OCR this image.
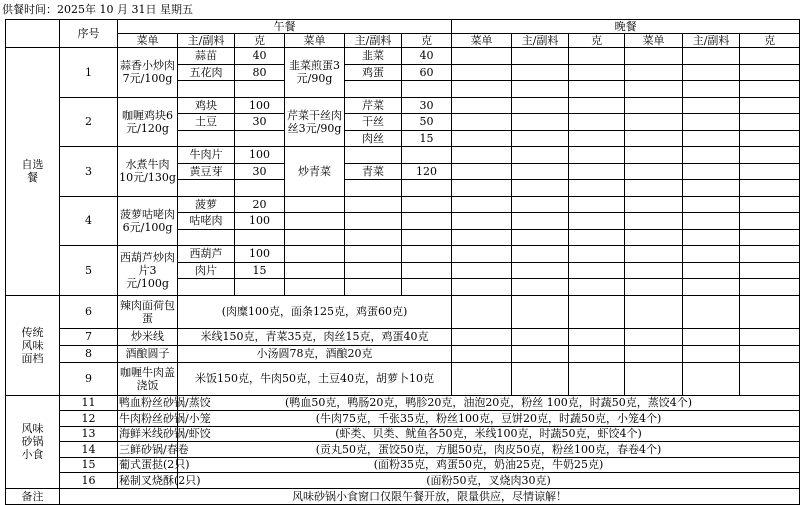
供餐时间：2025年 10 月 31日 星期五
	序号	午餐						晚餐					
		菜单	主/副料	克	菜单	主/副料	克	菜单	主/副料	克	菜单	主/副料	克
自选餐	1	蒜香小炒肉7元/100g	蒜苗	40	韭菜煎蛋3元/90g	韭菜	40						
			五花肉	80		鸡蛋	60						

	2	咖喱鸡块6元/120g	鸡块	100	芹菜干丝肉丝3元/90g	芹菜	30						
			土豆	30		干丝	50						
						肉丝	15						
	3	水煮牛肉10元/130g	牛肉片	100	炒青菜								
			黄豆芽	30		青菜	120						

	4	菠萝咕咾肉6元/100g	菠萝	20									
			咕咾肉	100									

	5	西葫芦炒肉片3元/100g	西葫芦	100									
			肉片	15									

传统风味面档	6	辣肉面荷包蛋	(肉糜100克，面条125克，鸡蛋60克)										
	7	炒米线	米线150克，青菜35克，肉丝15克，鸡蛋40克										
	8	酒酿圆子	小汤圆78克，酒酿20克										
	9	咖喱牛肉盖浇饭	米饭150克，牛肉50克，土豆40克，胡萝卜10克										
风味砂锅小食	11	鸭血粉丝砂锅/蒸饺	(鸭血50克，鸭肠20克，鸭胗20克，油泡20克，粉丝 100克，时蔬50克，蒸饺4个)										
	12	牛肉粉丝砂锅/小笼	(牛肉75克，千张35克，粉丝100克，豆饼20克，时蔬50克，小笼4个)										
	13	海鲜米线砂锅/虾饺	(虾类、贝类、鱿鱼各50克，米线100克，时蔬50克，虾饺4个)										
	14	三鲜砂锅/春卷	(贡丸50克，蛋饺50克，方腿50克，肉皮50克，粉丝100克，春卷4个)										
	15	葡式蛋挞(2只)	(面粉35克，鸡蛋50克，奶油25克，牛奶25克)										
	16	秘制叉烧酥(2只)	(面粉50克，叉烧肉30克)										
备注	风味砂锅小食窗口仅限午餐开放，限量供应，尽情谅解！												
